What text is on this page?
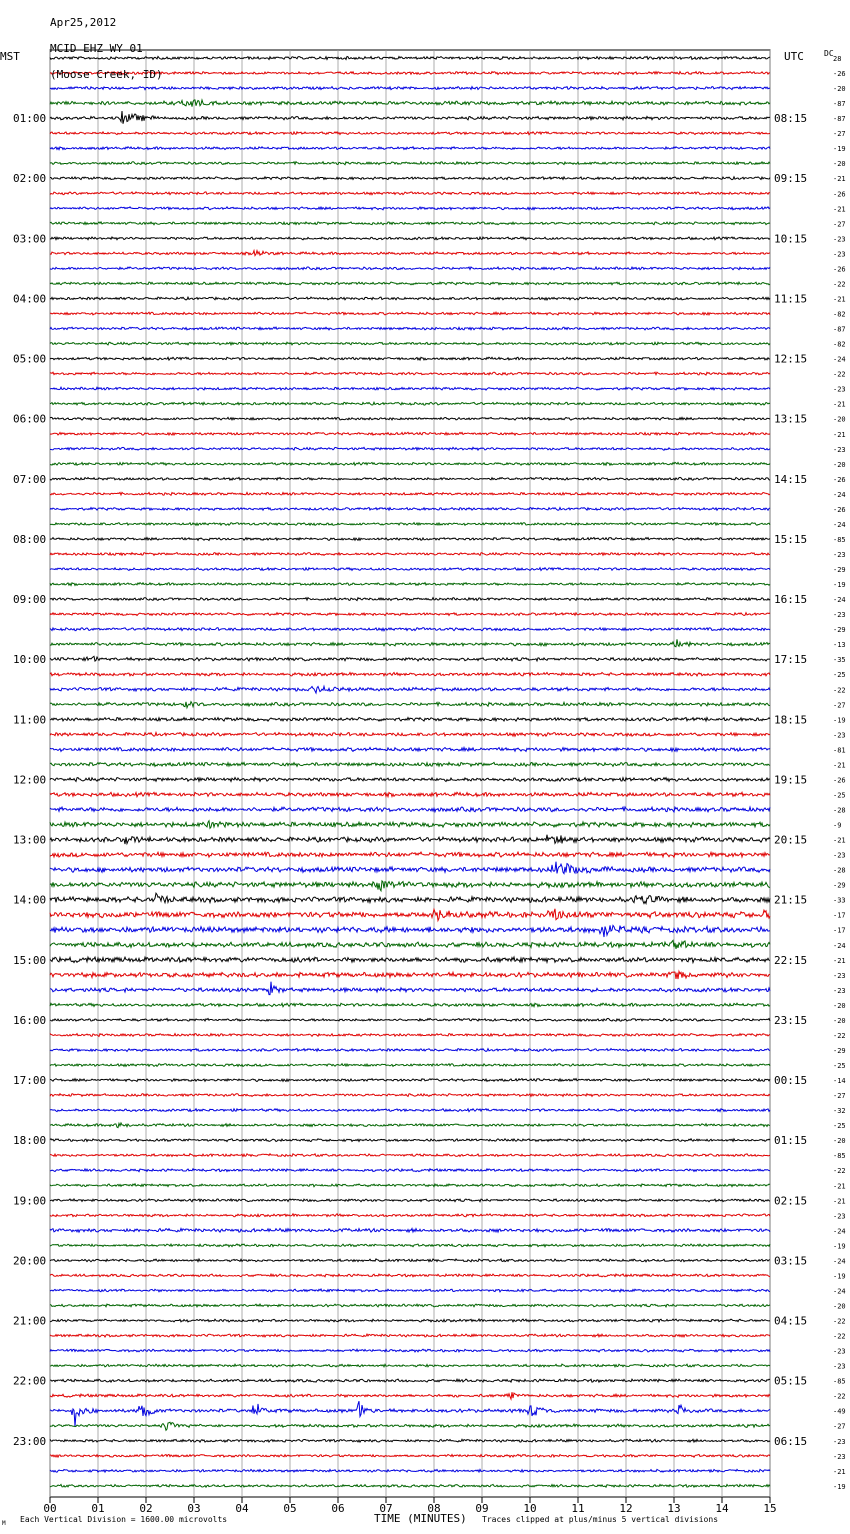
00	01	02	03	04	05	06	07	08	09	10	11	12	13	14	15
28
-26
-20
-87
-87
-27
-19
-20
-21
-26
-21
-27
-23
-23
-26
-22
-21
-82
-87
-82
-24
-22
-23
-21
-20
-21
-23
-20
-26
-24
-26
-24
-85
-23
-29
-19
-24
-23
-29
-13
-35
-25
-22
-27
-19
-23
-81
-21
-26
-25
-28
-9
-21
-23
-28
-29
-33
-17
-17
-24
-21
-23
-23
-20
-20
-22
-29
-25
-14
-27
-32
-25
-20
-85
-22
-21
-21
-23
-24
-19
-24
-19
-24
-20
-22
-22
-23
-23
-85
-22
-49
-27
-23
-23
-21
-19
DC
01:00
02:00
03:00
04:00
05:00
06:00
07:00
08:00
09:00
10:00
11:00
12:00
13:00
14:00
15:00
16:00
17:00
18:00
19:00
20:00
21:00
22:00
23:00
08:15
09:15
10:15
11:15
12:15
13:15
14:15
15:15
16:15
17:15
18:15
19:15
20:15
21:15
22:15
23:15
00:15
01:15
02:15
03:15
04:15
05:15
06:15

Apr25,2012

MCID EHZ WY 01

(Moose Creek, ID)

MST	UTC
M Each Vertical Division = 1600.00 microvolts	TIME (MINUTES) Traces clipped at plus/minus 5 vertical divisions
